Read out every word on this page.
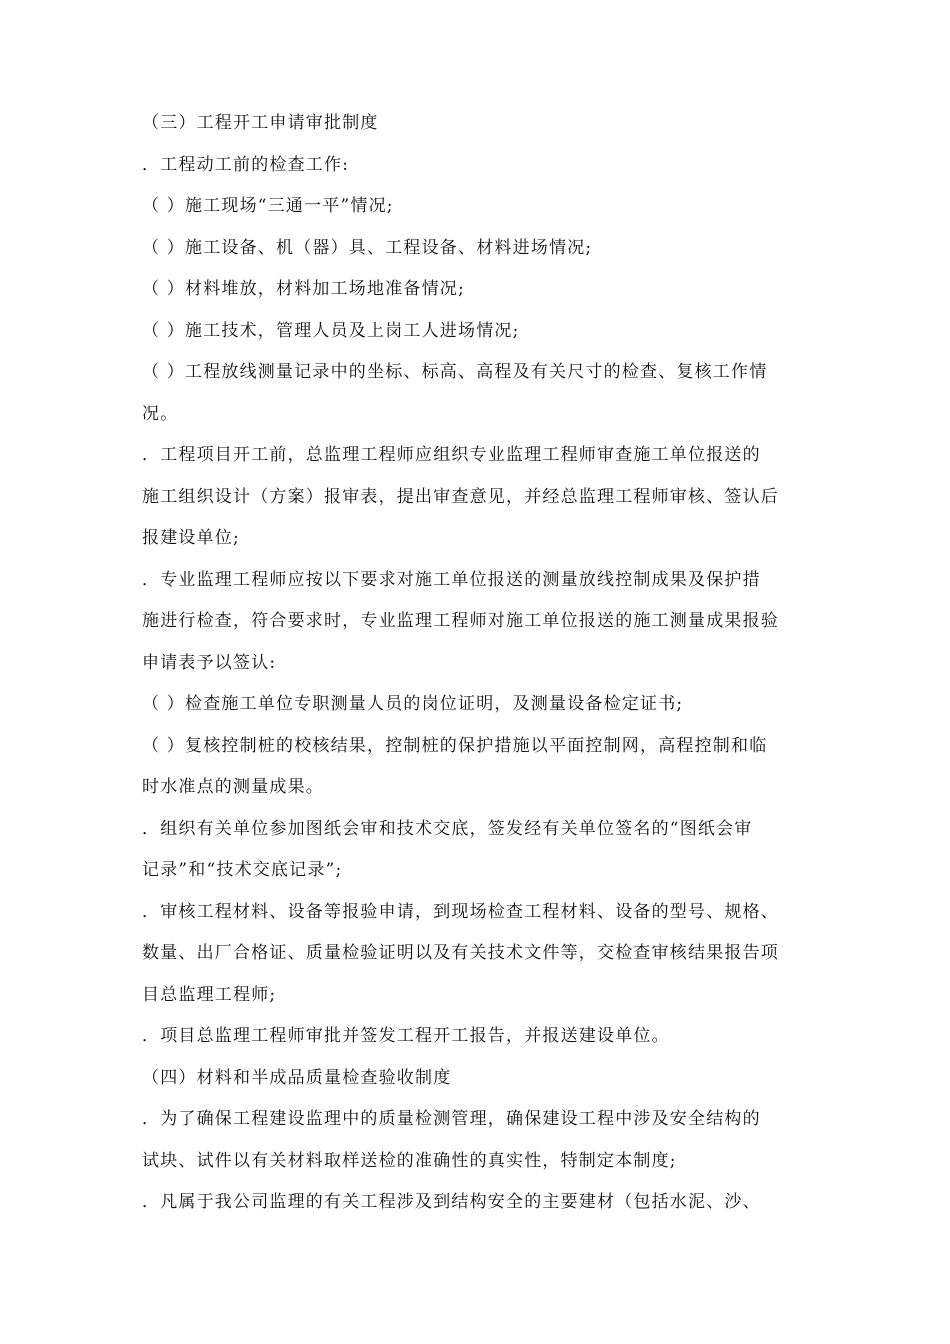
（三）工程开工申请审批制度
．工程动工前的检查工作:
（ ）施工现场“三通一平”情况;
（ ）施工设备、机（器）具、工程设备、材料进场情况;
（ ）材料堆放，材料加工场地准备情况;
（ ）施工技术，管理人员及上岗工人进场情况;
（ ）工程放线测量记录中的坐标、标高、高程及有关尺寸的检查、复核工作情
况。
．工程项目开工前，总监理工程师应组织专业监理工程师审查施工单位报送的
施工组织设计（方案）报审表，提出审查意见，并经总监理工程师审核、签认后
报建设单位;
．专业监理工程师应按以下要求对施工单位报送的测量放线控制成果及保护措
施进行检查，符合要求时，专业监理工程师对施工单位报送的施工测量成果报验
申请表予以签认:
（ ）检查施工单位专职测量人员的岗位证明，及测量设备检定证书;
（ ）复核控制桩的校核结果，控制桩的保护措施以平面控制网，高程控制和临
时水准点的测量成果。
．组织有关单位参加图纸会审和技术交底，签发经有关单位签名的“图纸会审
记录”和“技术交底记录”;
．审核工程材料、设备等报验申请，到现场检查工程材料、设备的型号、规格、
数量、出厂合格证、质量检验证明以及有关技术文件等，交检查审核结果报告项
目总监理工程师;
．项目总监理工程师审批并签发工程开工报告，并报送建设单位。
（四）材料和半成品质量检查验收制度
．为了确保工程建设监理中的质量检测管理，确保建设工程中涉及安全结构的
试块、试件以有关材料取样送检的准确性的真实性，特制定本制度;
．凡属于我公司监理的有关工程涉及到结构安全的主要建材（包括水泥、沙、
